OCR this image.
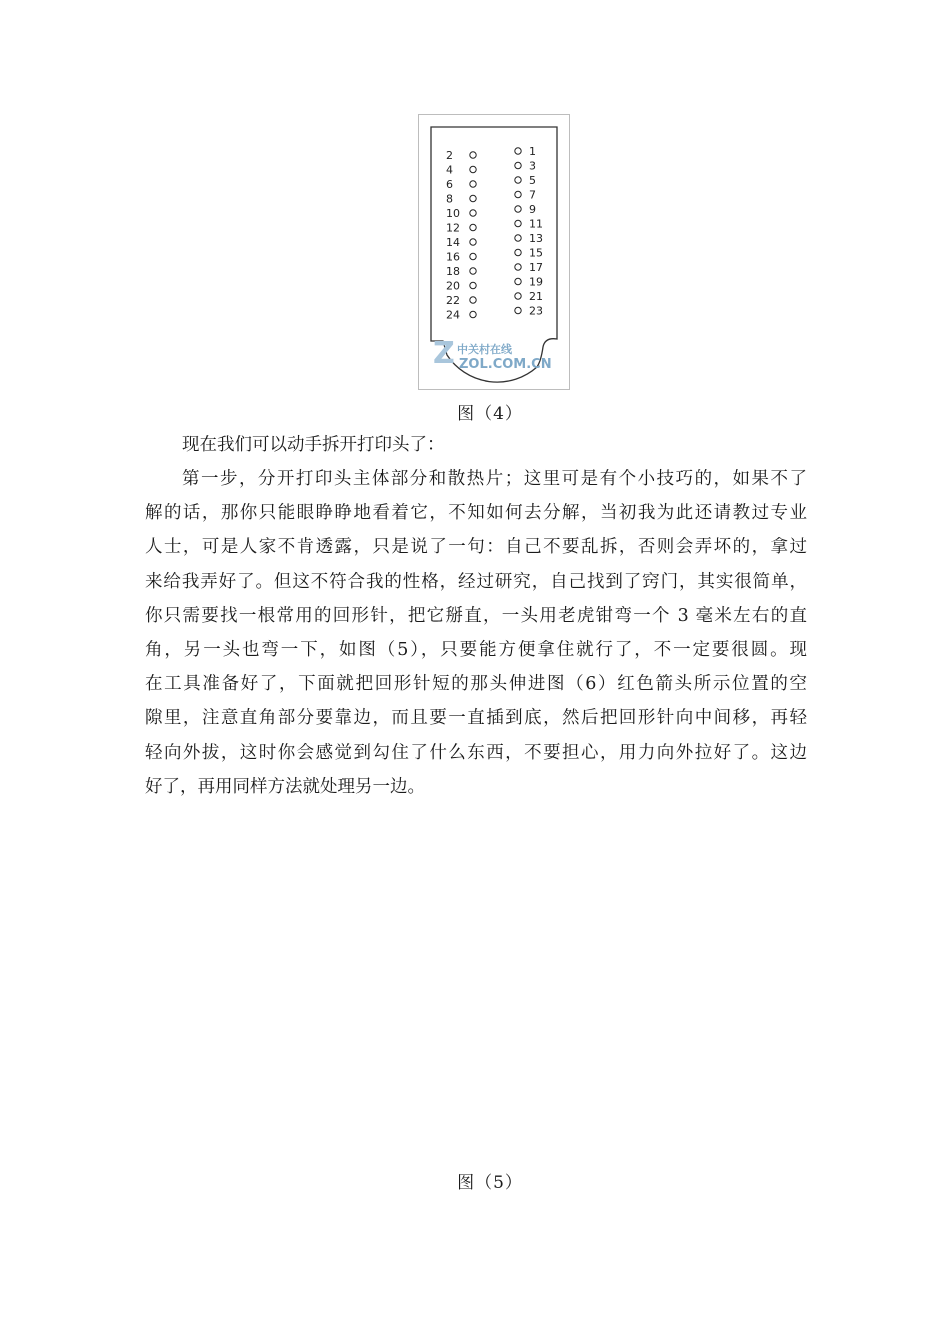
2
4
6
8
10
12
14
16
18
20
22
24
1
3
5
7
9
11
13
15
17
19
21
23
Z 中关村在线
ZOL.COM.CN
图（4）
现在我们可以动手拆开打印头了：
第一步，分开打印头主体部分和散热片；这里可是有个小技巧的，如果不了
解的话，那你只能眼睁睁地看着它，不知如何去分解，当初我为此还请教过专业
人士，可是人家不肯透露，只是说了一句：自己不要乱拆，否则会弄坏的，拿过
来给我弄好了。但这不符合我的性格，经过研究，自己找到了窍门，其实很简单，
你只需要找一根常用的回形针，把它掰直，一头用老虎钳弯一个 3 毫米左右的直
角，另一头也弯一下，如图（5），只要能方便拿住就行了，不一定要很圆。现
在工具准备好了，下面就把回形针短的那头伸进图（6）红色箭头所示位置的空
隙里，注意直角部分要靠边，而且要一直插到底，然后把回形针向中间移，再轻
轻向外拔，这时你会感觉到勾住了什么东西，不要担心，用力向外拉好了。这边
好了，再用同样方法就处理另一边。
图（5）
